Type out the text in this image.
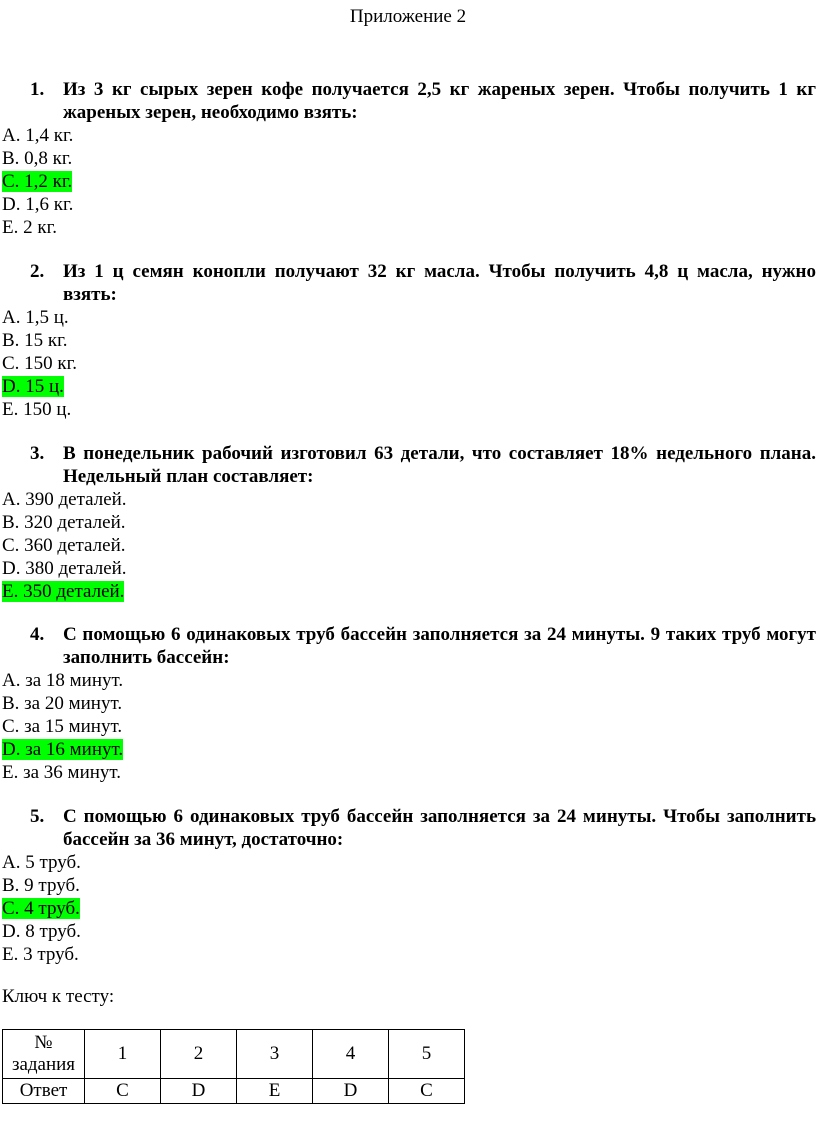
Приложение 2
1. Из 3 кг сырых зерен кофе получается 2,5 кг жареных зерен. Чтобы получить 1 кг жареных зерен, необходимо взять:
A. 1,4 кг.
B. 0,8 кг.
C. 1,2 кг.
D. 1,6 кг.
E. 2 кг.
2. Из 1 ц семян конопли получают 32 кг масла. Чтобы получить 4,8 ц масла, нужно взять:
A. 1,5 ц.
B. 15 кг.
C. 150 кг.
D. 15 ц.
E. 150 ц.
3. В понедельник рабочий изготовил 63 детали, что составляет 18% недельного плана. Недельный план составляет:
A. 390 деталей.
B. 320 деталей.
C. 360 деталей.
D. 380 деталей.
E. 350 деталей.
4. С помощью 6 одинаковых труб бассейн заполняется за 24 минуты. 9 таких труб могут заполнить бассейн:
A. за 18 минут.
B. за 20 минут.
C. за 15 минут.
D. за 16 минут.
E. за 36 минут.
5. С помощью 6 одинаковых труб бассейн заполняется за 24 минуты. Чтобы заполнить бассейн за 36 минут, достаточно:
A. 5 труб.
B. 9 труб.
C. 4 труб.
D. 8 труб.
E. 3 труб.
Ключ к тесту:
№ задания	1	2	3	4	5
Ответ	C	D	E	D	C
